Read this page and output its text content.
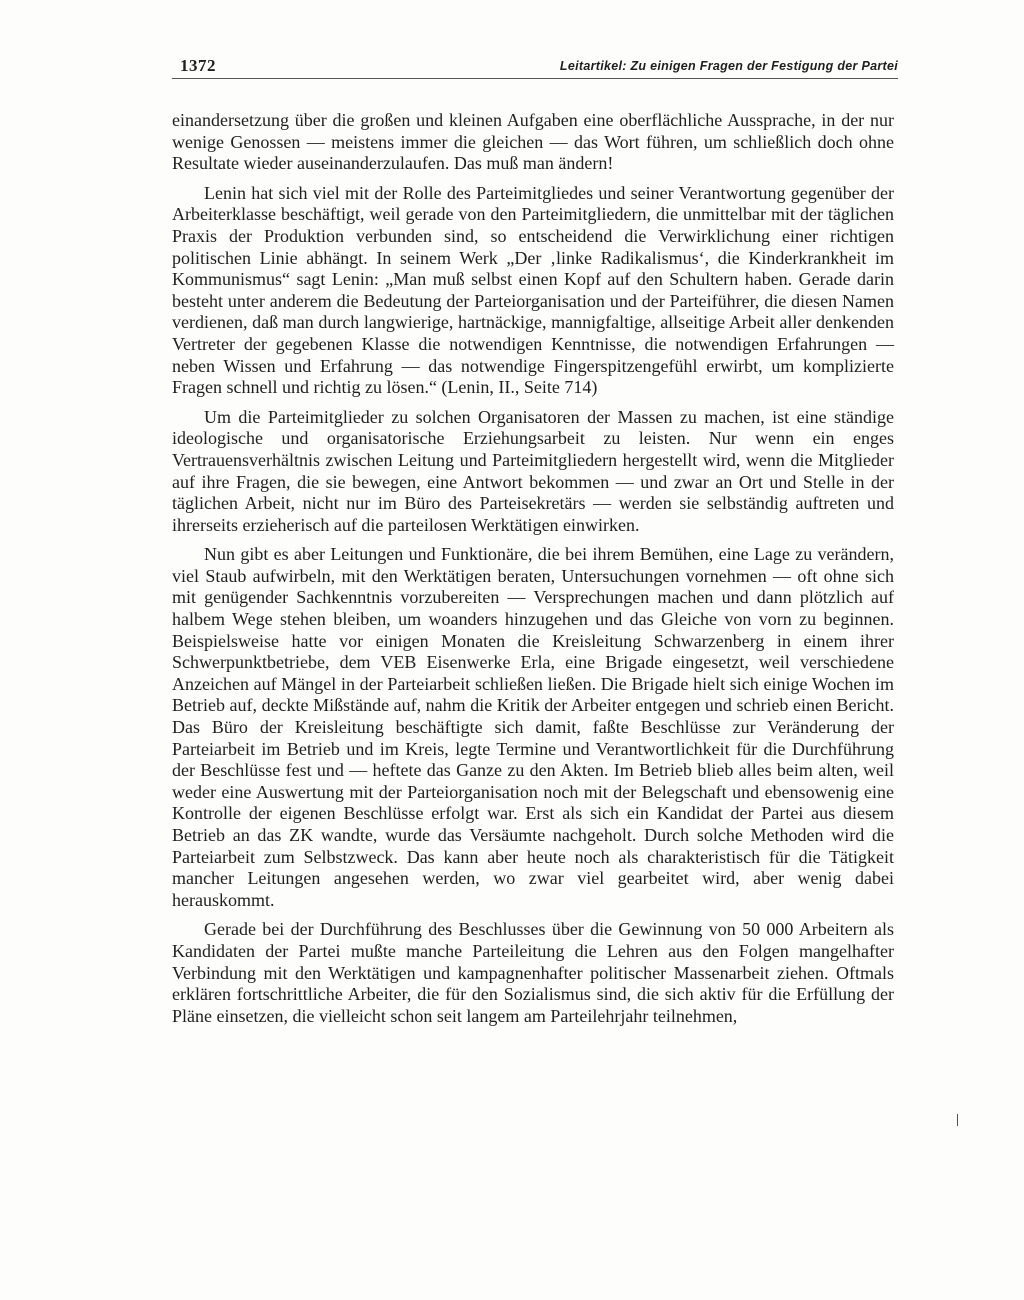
1372	Leitartikel: Zu einigen Fragen der Festigung der Partei

einandersetzung über die großen und kleinen Aufgaben eine oberflächliche Aussprache, in der nur wenige Genossen — meistens immer die gleichen — das Wort führen, um schließlich doch ohne Resultate wieder auseinanderzulaufen. Das muß man ändern!

Lenin hat sich viel mit der Rolle des Parteimitgliedes und seiner Verantwortung gegenüber der Arbeiterklasse beschäftigt, weil gerade von den Parteimitgliedern, die unmittelbar mit der täglichen Praxis der Produktion verbunden sind, so entscheidend die Verwirklichung einer richtigen politischen Linie abhängt. In seinem Werk „Der ‚linke Radikalismus‘, die Kinderkrankheit im Kommunismus“ sagt Lenin: „Man muß selbst einen Kopf auf den Schultern haben. Gerade darin besteht unter anderem die Bedeutung der Parteiorganisation und der Parteiführer, die diesen Namen verdienen, daß man durch langwierige, hartnäckige, mannigfaltige, allseitige Arbeit aller denkenden Vertreter der gegebenen Klasse die notwendigen Kenntnisse, die notwendigen Erfahrungen — neben Wissen und Erfahrung — das notwendige Fingerspitzengefühl erwirbt, um komplizierte Fragen schnell und richtig zu lösen.“ (Lenin, II., Seite 714)

Um die Parteimitglieder zu solchen Organisatoren der Massen zu machen, ist eine ständige ideologische und organisatorische Erziehungsarbeit zu leisten. Nur wenn ein enges Vertrauensverhältnis zwischen Leitung und Parteimitgliedern hergestellt wird, wenn die Mitglieder auf ihre Fragen, die sie bewegen, eine Antwort bekommen — und zwar an Ort und Stelle in der täglichen Arbeit, nicht nur im Büro des Parteisekretärs — werden sie selbständig auftreten und ihrerseits erzieherisch auf die parteilosen Werktätigen einwirken.

Nun gibt es aber Leitungen und Funktionäre, die bei ihrem Bemühen, eine Lage zu verändern, viel Staub aufwirbeln, mit den Werktätigen beraten, Untersuchungen vornehmen — oft ohne sich mit genügender Sachkenntnis vorzubereiten — Versprechungen machen und dann plötzlich auf halbem Wege stehen bleiben, um woanders hinzugehen und das Gleiche von vorn zu beginnen. Beispielsweise hatte vor einigen Monaten die Kreisleitung Schwarzenberg in einem ihrer Schwerpunktbetriebe, dem VEB Eisenwerke Erla, eine Brigade eingesetzt, weil verschiedene Anzeichen auf Mängel in der Parteiarbeit schließen ließen. Die Brigade hielt sich einige Wochen im Betrieb auf, deckte Mißstände auf, nahm die Kritik der Arbeiter entgegen und schrieb einen Bericht. Das Büro der Kreisleitung beschäftigte sich damit, faßte Beschlüsse zur Veränderung der Parteiarbeit im Betrieb und im Kreis, legte Termine und Verantwortlichkeit für die Durchführung der Beschlüsse fest und — heftete das Ganze zu den Akten. Im Betrieb blieb alles beim alten, weil weder eine Auswertung mit der Parteiorganisation noch mit der Belegschaft und ebensowenig eine Kontrolle der eigenen Beschlüsse erfolgt war. Erst als sich ein Kandidat der Partei aus diesem Betrieb an das ZK wandte, wurde das Versäumte nachgeholt. Durch solche Methoden wird die Parteiarbeit zum Selbstzweck. Das kann aber heute noch als charakteristisch für die Tätigkeit mancher Leitungen angesehen werden, wo zwar viel gearbeitet wird, aber wenig dabei herauskommt.

Gerade bei der Durchführung des Beschlusses über die Gewinnung von 50 000 Arbeitern als Kandidaten der Partei mußte manche Parteileitung die Lehren aus den Folgen mangelhafter Verbindung mit den Werktätigen und kampagnenhafter politischer Massenarbeit ziehen. Oftmals erklären fortschrittliche Arbeiter, die für den Sozialismus sind, die sich aktiv für die Erfüllung der Pläne einsetzen, die vielleicht schon seit langem am Parteilehrjahr teilnehmen,
